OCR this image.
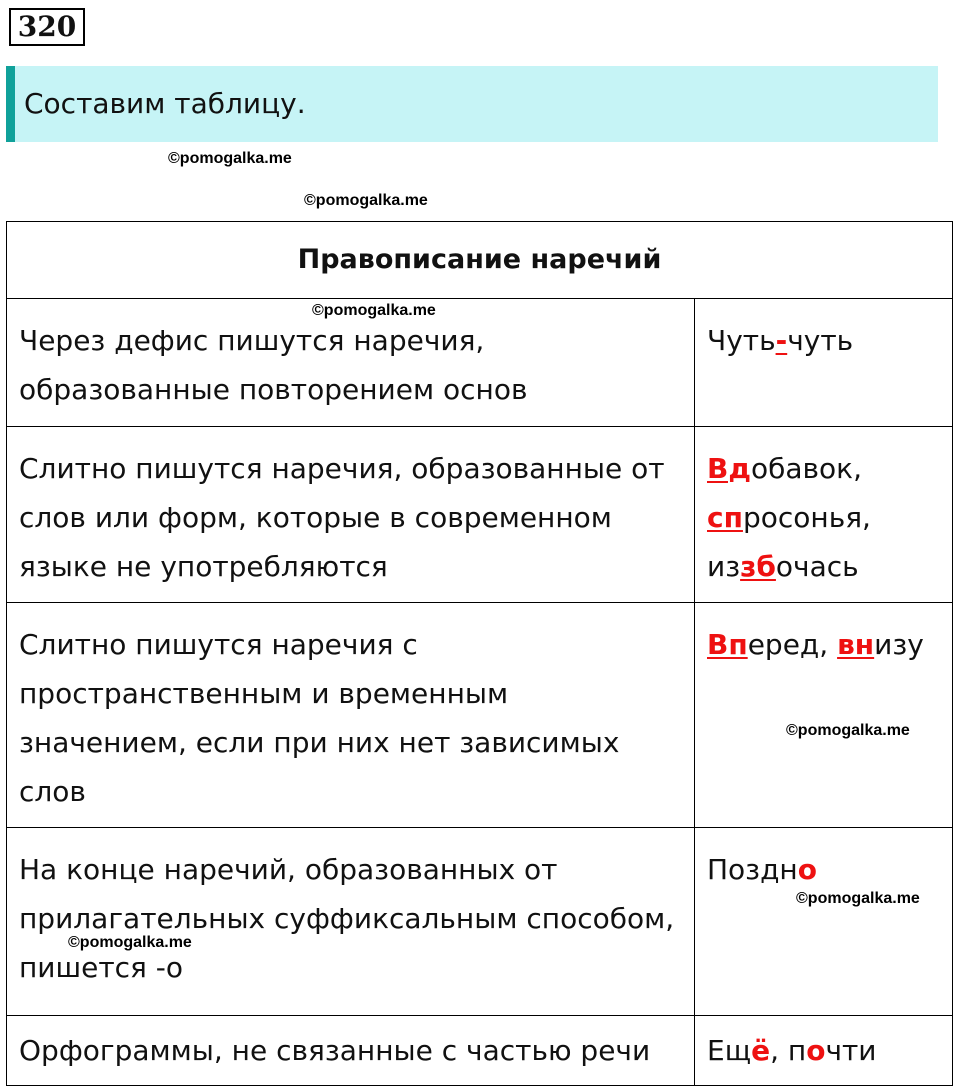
320
Составим таблицу.
©pomogalka.me
©pomogalka.me
Правописание наречий	
Через дефис пишутся наречия, образованные повторением основ	Чуть-чуть
Слитно пишутся наречия, образованные от слов или форм, которые в современном языке не употребляются	Вдобавок,
спросонья,
иззбочась
Слитно пишутся наречия с пространственным и временным значением, если при них нет зависимых слов	Вперед, внизу
На конце наречий, образованных от прилагательных суффиксальным способом, пишется -о	Поздно
Орфограммы, не связанные с частью речи	Ещё, почти
©pomogalka.me
©pomogalka.me
©pomogalka.me
©pomogalka.me
